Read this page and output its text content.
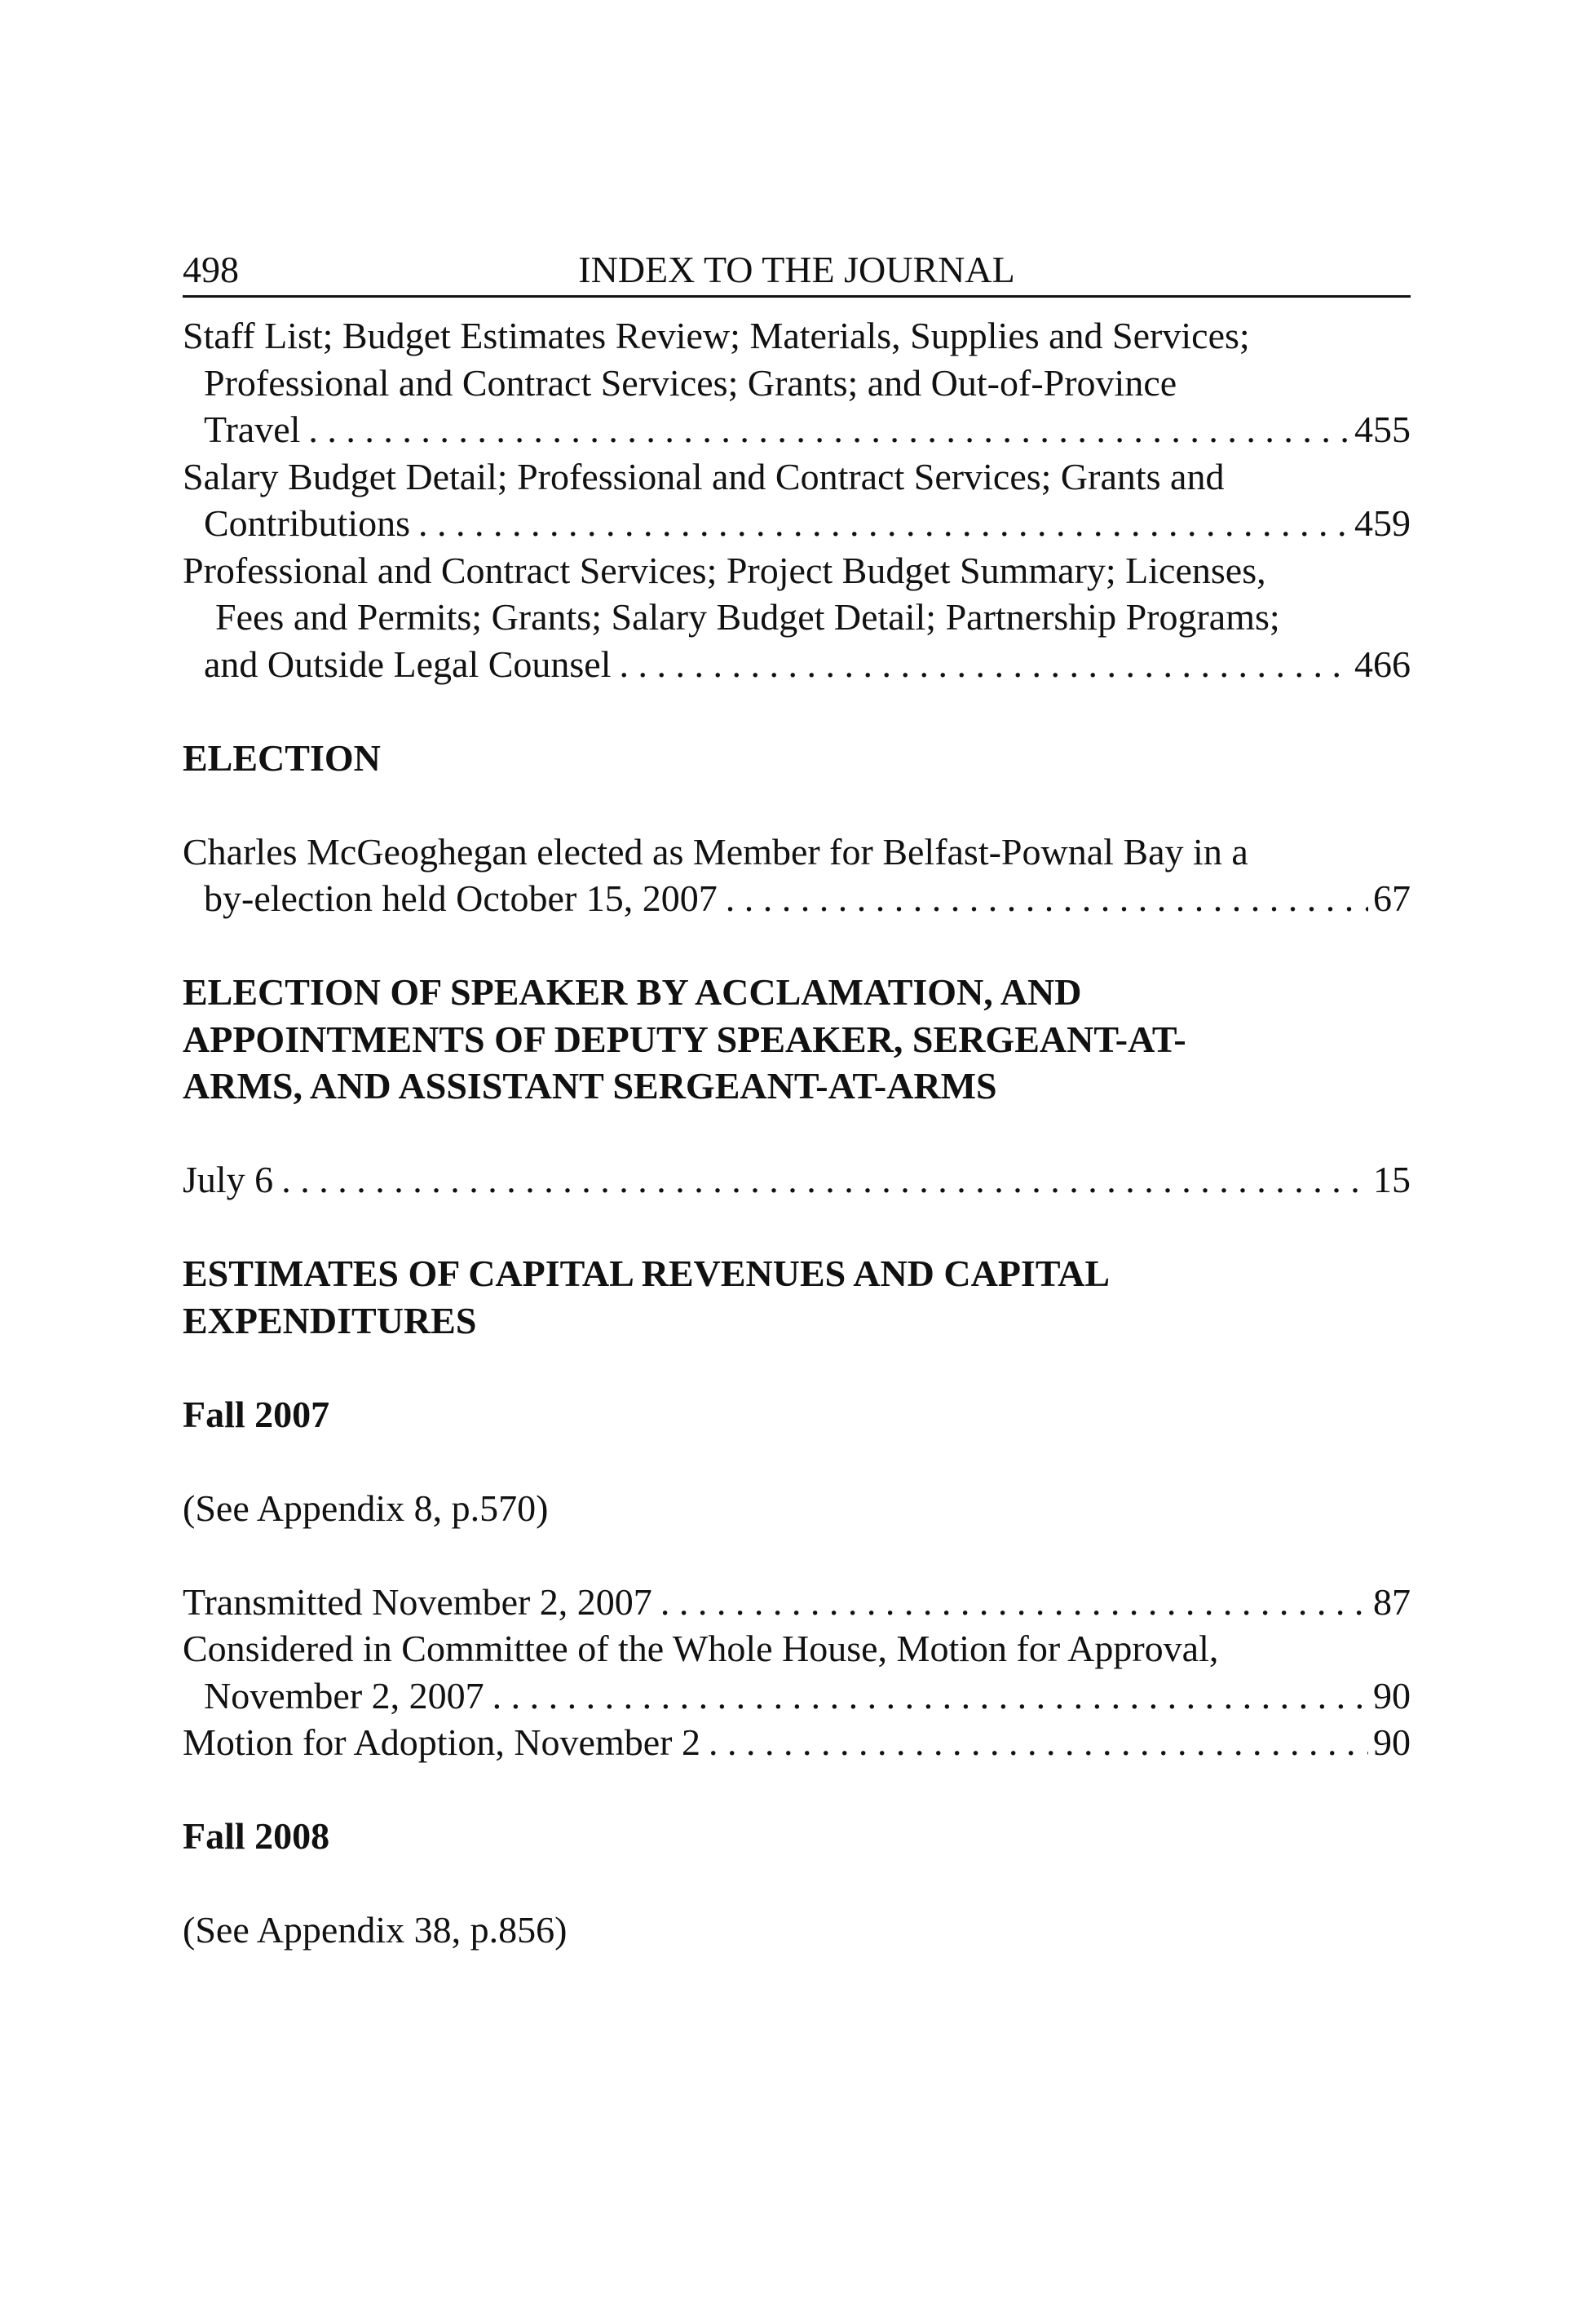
498	INDEX TO THE JOURNAL
Staff List; Budget Estimates Review; Materials, Supplies and Services;
Professional and Contract Services; Grants; and Out-of-Province
Travel . . .	455
Salary Budget Detail; Professional and Contract Services; Grants and
Contributions . . .	459
Professional and Contract Services; Project Budget Summary; Licenses,
Fees and Permits; Grants; Salary Budget Detail; Partnership Programs;
and Outside Legal Counsel . . .	466
ELECTION
Charles McGeoghegan elected as Member for Belfast-Pownal Bay in a
by-election held October 15, 2007 . . .	67
ELECTION OF SPEAKER BY ACCLAMATION, AND
APPOINTMENTS OF DEPUTY SPEAKER, SERGEANT-AT-
ARMS, AND ASSISTANT SERGEANT-AT-ARMS
July 6 . . .	15
ESTIMATES OF CAPITAL REVENUES AND CAPITAL
EXPENDITURES
Fall 2007
(See Appendix 8, p.570)
Transmitted November 2, 2007 . . .	87
Considered in Committee of the Whole House, Motion for Approval,
November 2, 2007 . . .	90
Motion for Adoption, November 2 . . .	90
Fall 2008
(See Appendix 38, p.856)
